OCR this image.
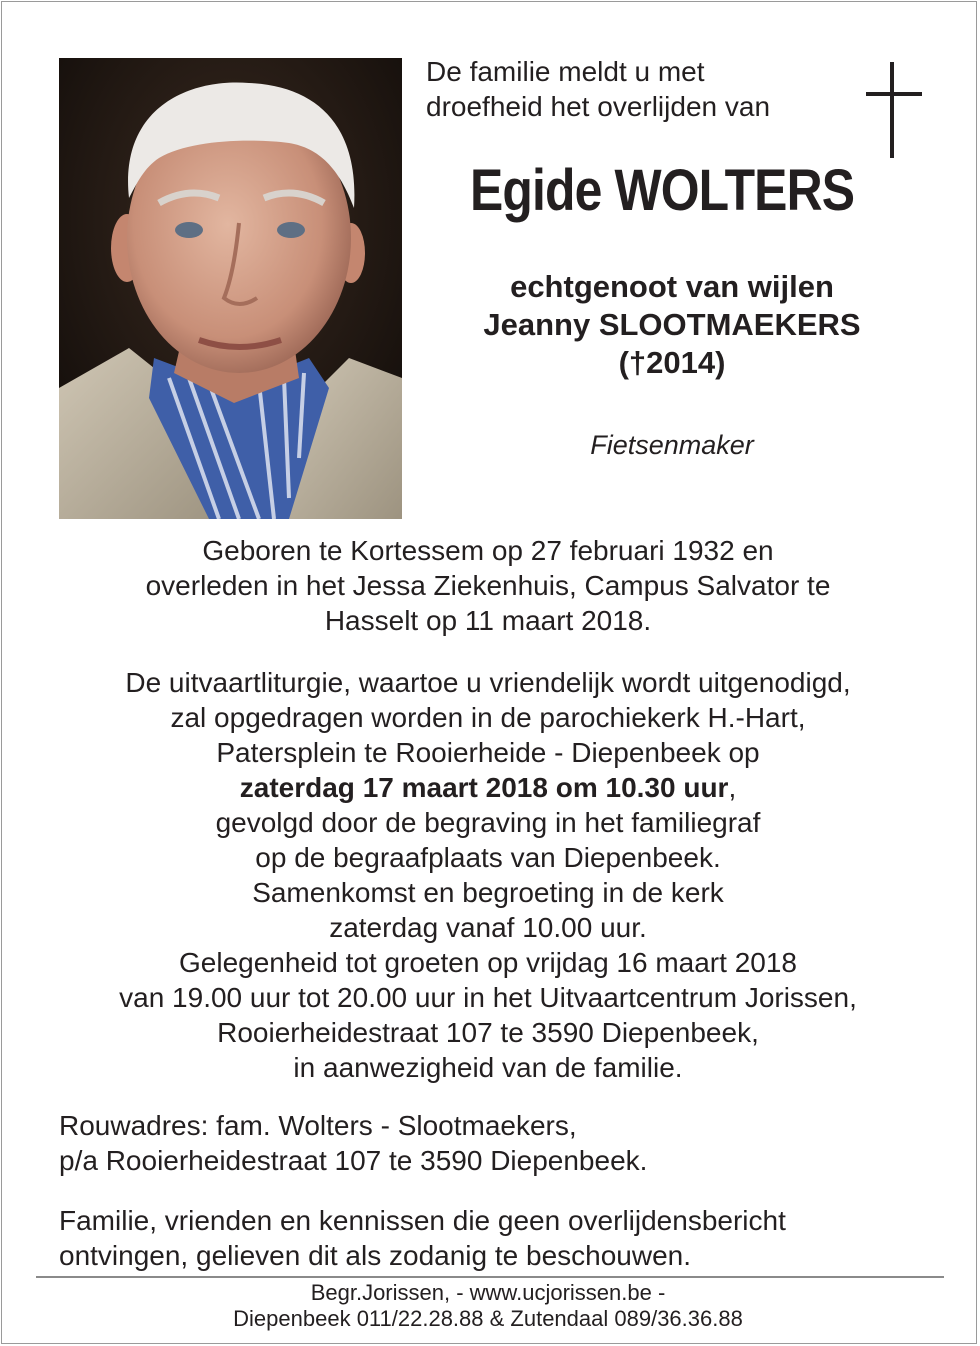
De familie meldt u met
droefheid het overlijden van

Egide WOLTERS

echtgenoot van wijlen
Jeanny SLOOTMAEKERS
(†2014)

Fietsenmaker

Geboren te Kortessem op 27 februari 1932 en
overleden in het Jessa Ziekenhuis, Campus Salvator te
Hasselt op 11 maart 2018.

De uitvaartliturgie, waartoe u vriendelijk wordt uitgenodigd,
zal opgedragen worden in de parochiekerk H.-Hart,
Patersplein te Rooierheide - Diepenbeek op
zaterdag 17 maart 2018 om 10.30 uur,
gevolgd door de begraving in het familiegraf
op de begraafplaats van Diepenbeek.
Samenkomst en begroeting in de kerk
zaterdag vanaf 10.00 uur.
Gelegenheid tot groeten op vrijdag 16 maart 2018
van 19.00 uur tot 20.00 uur in het Uitvaartcentrum Jorissen,
Rooierheidestraat 107 te 3590 Diepenbeek,
in aanwezigheid van de familie.

Rouwadres: fam. Wolters - Slootmaekers,
p/a Rooierheidestraat 107 te 3590 Diepenbeek.

Familie, vrienden en kennissen die geen overlijdensbericht
ontvingen, gelieven dit als zodanig te beschouwen.

Begr.Jorissen, - www.ucjorissen.be -
Diepenbeek 011/22.28.88 & Zutendaal 089/36.36.88
